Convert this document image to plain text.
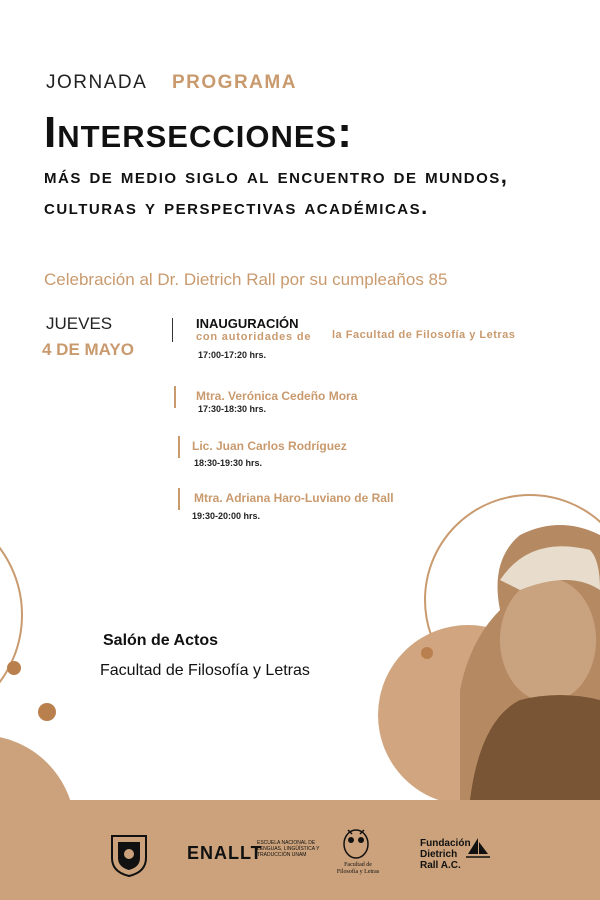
JORNADA PROGRAMA
Intersecciones:
más de medio siglo al encuentro de mundos, culturas y perspectivas académicas.
Celebración al Dr. Dietrich Rall por su cumpleaños 85
JUEVES
4 DE MAYO
INAUGURACIÓN
con autoridades de la Facultad de Filosofía y Letras
17:00-17:20 hrs.
Mtra. Verónica Cedeño Mora
17:30-18:30 hrs.
Lic. Juan Carlos Rodríguez
18:30-19:30 hrs.
Mtra. Adriana Haro-Luviano de Rall
19:30-20:00 hrs.
Salón de Actos
Facultad de Filosofía y Letras
ENALLT
ESCUELA NACIONAL DE LENGUAS, LINGÜÍSTICA Y TRADUCCIÓN UNAM
Facultad de Filosofía y Letras
Fundación Dietrich Rall A.C.
